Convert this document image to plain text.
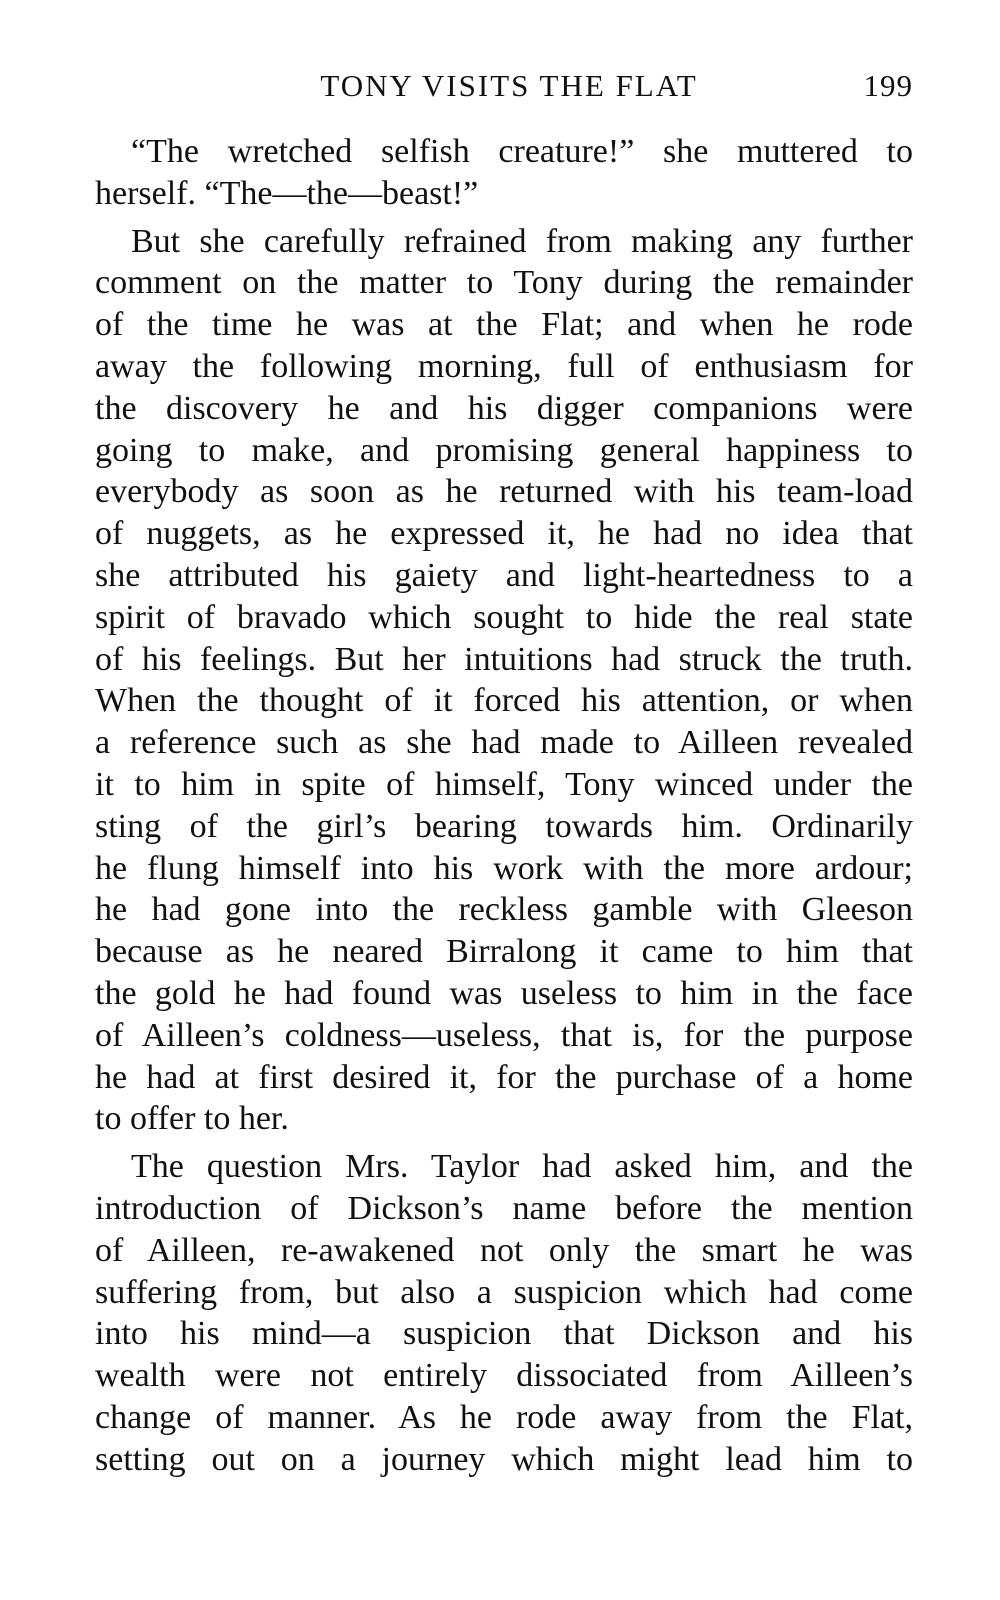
TONY VISITS THE FLAT	199
“The wretched selfish creature!” she muttered to
herself. “The—the—beast!”
But she carefully refrained from making any further
comment on the matter to Tony during the remainder
of the time he was at the Flat; and when he rode
away the following morning, full of enthusiasm for
the discovery he and his digger companions were
going to make, and promising general happiness to
everybody as soon as he returned with his team-load
of nuggets, as he expressed it, he had no idea that
she attributed his gaiety and light-heartedness to a
spirit of bravado which sought to hide the real state
of his feelings. But her intuitions had struck the truth.
When the thought of it forced his attention, or when
a reference such as she had made to Ailleen revealed
it to him in spite of himself, Tony winced under the
sting of the girl’s bearing towards him. Ordinarily
he flung himself into his work with the more ardour;
he had gone into the reckless gamble with Gleeson
because as he neared Birralong it came to him that
the gold he had found was useless to him in the face
of Ailleen’s coldness—useless, that is, for the purpose
he had at first desired it, for the purchase of a home
to offer to her.
The question Mrs. Taylor had asked him, and the
introduction of Dickson’s name before the mention
of Ailleen, re-awakened not only the smart he was
suffering from, but also a suspicion which had come
into his mind—a suspicion that Dickson and his
wealth were not entirely dissociated from Ailleen’s
change of manner. As he rode away from the Flat,
setting out on a journey which might lead him to
